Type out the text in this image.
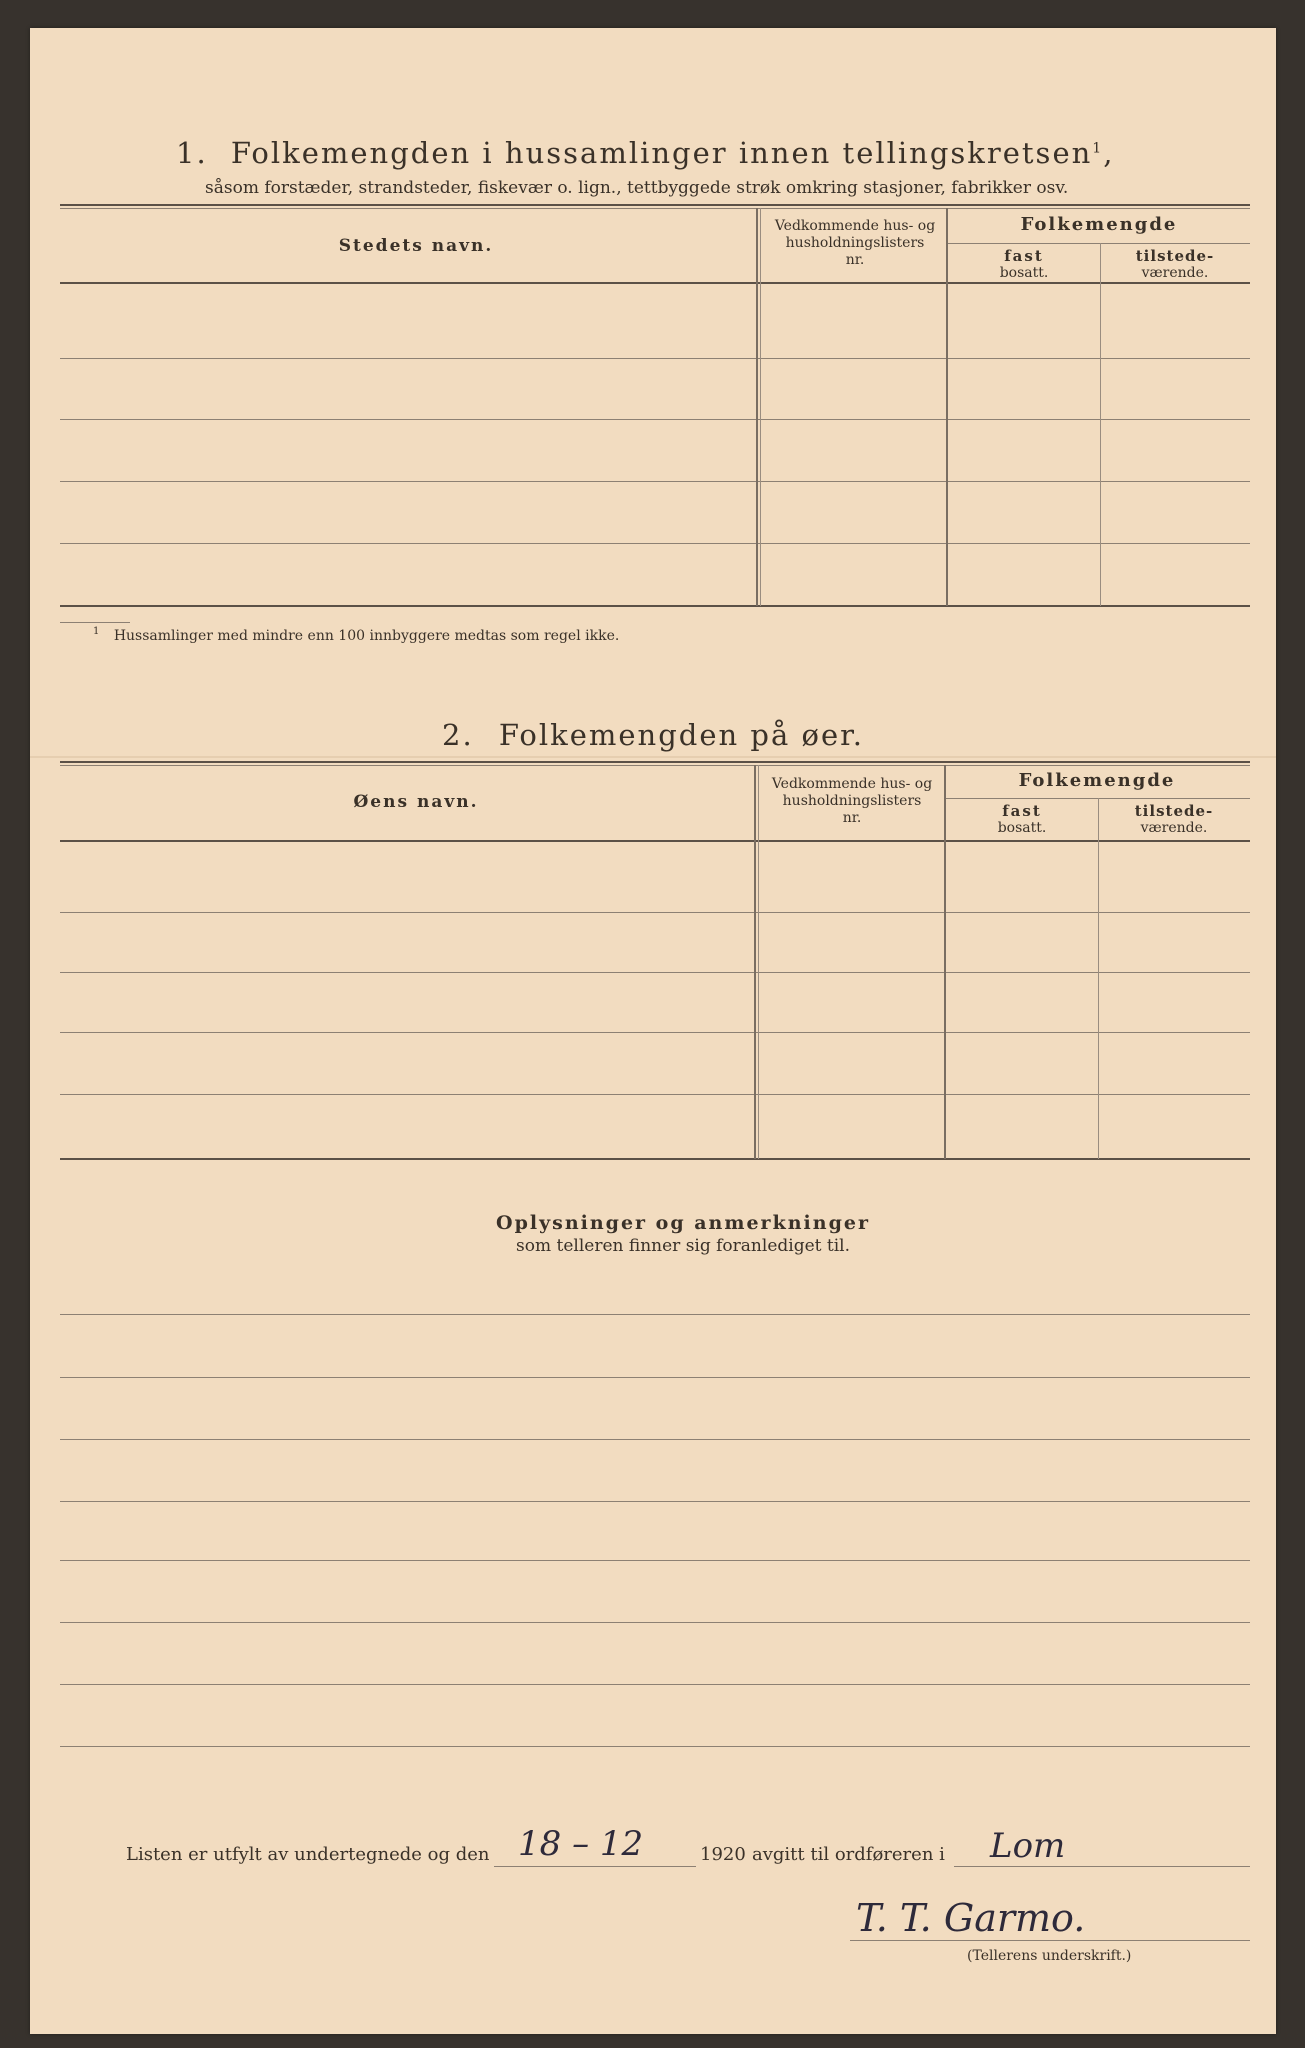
1. Folkemengden i hussamlinger innen tellingskretsen$^1$,
såsom forstæder, strandsteder, fiskevær o. lign., tettbyggede strøk omkring stasjoner, fabrikker osv.
Stedets navn.
Vedkommende hus- og
husholdningslisters
nr.
Folkemengde
fast
bosatt.
tilstede-
værende.
$^1$ Hussamlinger med mindre enn 100 innbyggere medtas som regel ikke.
2. Folkemengden på øer.
Øens navn.
Vedkommende hus- og
husholdningslisters
nr.
Folkemengde
fast
bosatt.
tilstede-
værende.
Oplysninger og anmerkninger
som telleren finner sig foranlediget til.
Listen er utfylt av undertegnede og den 18 – 12	1920 avgitt til ordføreren i Lom
T. T. Garmo.
(Tellerens underskrift.)
